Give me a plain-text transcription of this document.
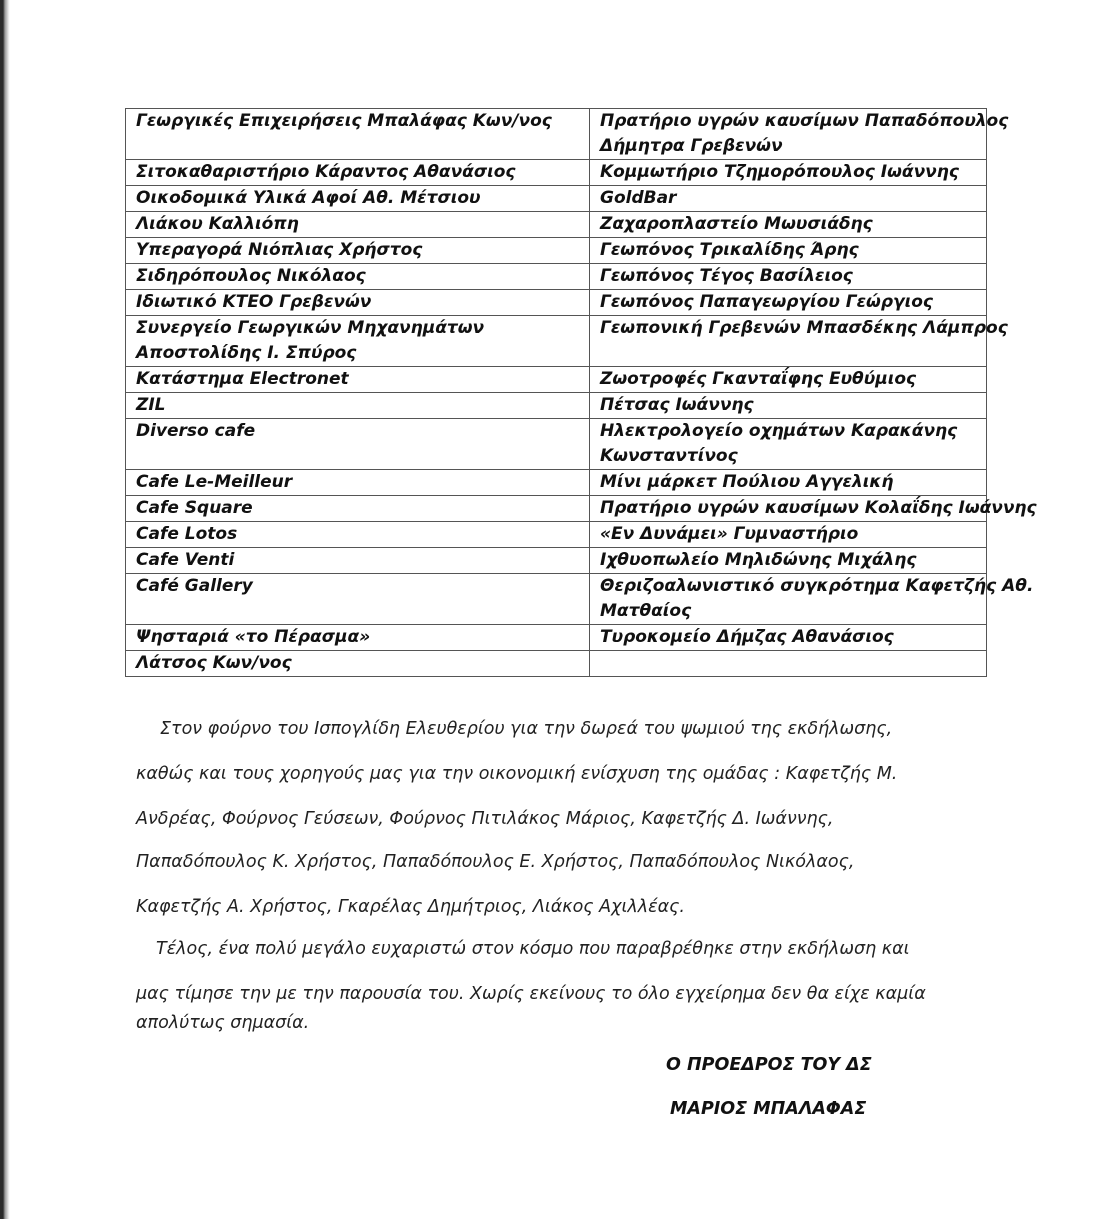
Γεωργικές Επιχειρήσεις Μπαλάφας Κων/νος	Πρατήριο υγρών καυσίμων Παπαδόπουλος
Δήμητρα Γρεβενών

Σιτοκαθαριστήριο Κάραντος Αθανάσιος	Κομμωτήριο Τζημορόπουλος Ιωάννης

Οικοδομικά Υλικά Αφοί Αθ. Μέτσιου	GoldBar

Λιάκου Καλλιόπη	Ζαχαροπλαστείο Μωυσιάδης

Υπεραγορά Νιόπλιας Χρήστος	Γεωπόνος Τρικαλίδης Άρης

Σιδηρόπουλος Νικόλαος	Γεωπόνος Τέγος Βασίλειος

Ιδιωτικό ΚΤΕΟ Γρεβενών	Γεωπόνος Παπαγεωργίου Γεώργιος

Συνεργείο Γεωργικών Μηχανημάτων
Αποστολίδης Ι. Σπύρος	Γεωπονική Γρεβενών Μπασδέκης Λάμπρος

Κατάστημα Electronet	Ζωοτροφές Γκανταΐφης Ευθύμιος

ZIL	Πέτσας Ιωάννης

Diverso cafe	Ηλεκτρολογείο οχημάτων Καρακάνης
Κωνσταντίνος

Cafe Le-Meilleur	Μίνι μάρκετ Πούλιου Αγγελική

Cafe Square	Πρατήριο υγρών καυσίμων Κολαΐδης Ιωάννης

Cafe Lotos	«Εν Δυνάμει» Γυμναστήριο

Cafe Venti	Ιχθυοπωλείο Μηλιδώνης Μιχάλης

Café Gallery	Θεριζοαλωνιστικό συγκρότημα Καφετζής Αθ.
Ματθαίος

Ψησταριά «το Πέρασμα»	Τυροκομείο Δήμζας Αθανάσιος

Λάτσος Κων/νος	

Στον φούρνο του Ισπογλίδη Ελευθερίου για την δωρεά του ψωμιού της εκδήλωσης,

καθώς και τους χορηγούς μας για την οικονομική ενίσχυση της ομάδας : Καφετζής Μ.

Ανδρέας, Φούρνος Γεύσεων, Φούρνος Πιτιλάκος Μάριος, Καφετζής Δ. Ιωάννης,

Παπαδόπουλος Κ. Χρήστος, Παπαδόπουλος Ε. Χρήστος, Παπαδόπουλος Νικόλαος,

Καφετζής Α. Χρήστος, Γκαρέλας Δημήτριος, Λιάκος Αχιλλέας.

Τέλος, ένα πολύ μεγάλο ευχαριστώ στον κόσμο που παραβρέθηκε στην εκδήλωση και

μας τίμησε την με την παρουσία του. Χωρίς εκείνους το όλο εγχείρημα δεν θα είχε καμία

απολύτως σημασία.

Ο ΠΡΟΕΔΡΟΣ ΤΟΥ ΔΣ

ΜΑΡΙΟΣ ΜΠΑΛΑΦΑΣ
